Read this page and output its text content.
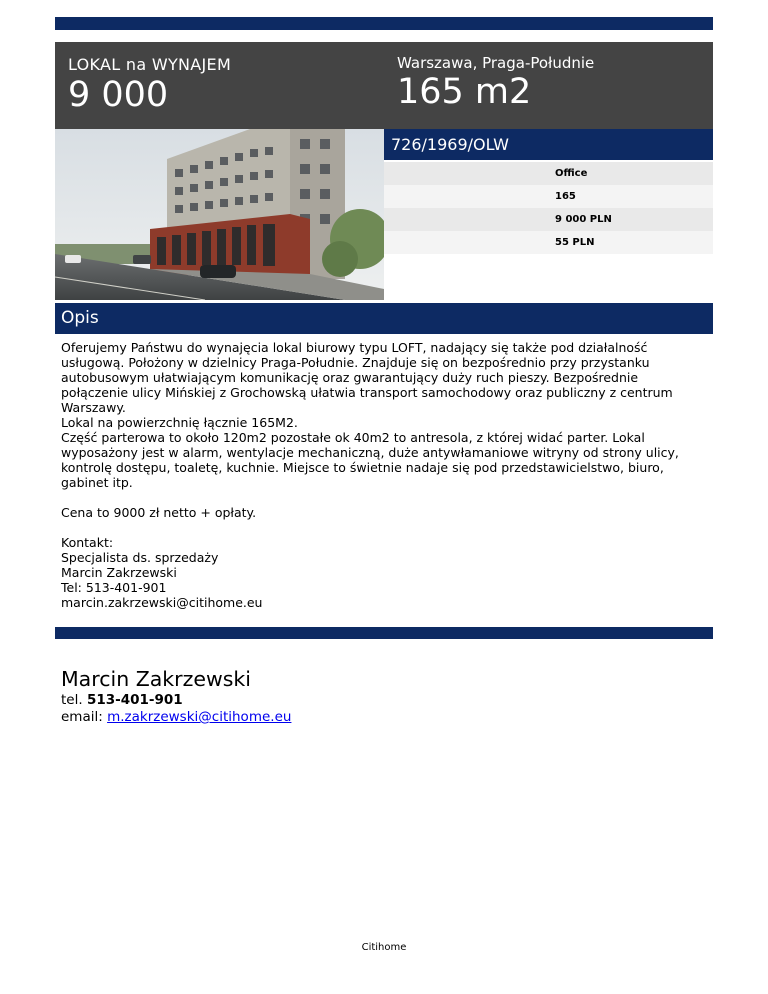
LOKAL na WYNAJEM
9 000
Warszawa, Praga-Południe
165 m2
726/1969/OLW
Office
165
9 000 PLN
55 PLN
Opis

Oferujemy Państwu do wynajęcia lokal biurowy typu LOFT, nadający się także pod działalność
usługową. Położony w dzielnicy Praga-Południe. Znajduje się on bezpośrednio przy przystanku
autobusowym ułatwiającym komunikację oraz gwarantujący duży ruch pieszy. Bezpośrednie
połączenie ulicy Mińskiej z Grochowską ułatwia transport samochodowy oraz publiczny z centrum
Warszawy.
Lokal na powierzchnię łącznie 165M2.
Część parterowa to około 120m2 pozostałe ok 40m2 to antresola, z której widać parter. Lokal
wyposażony jest w alarm, wentylacje mechaniczną, duże antywłamaniowe witryny od strony ulicy,
kontrolę dostępu, toaletę, kuchnie. Miejsce to świetnie nadaje się pod przedstawicielstwo, biuro,
gabinet itp.

Cena to 9000 zł netto + opłaty.

Kontakt:
Specjalista ds. sprzedaży
Marcin Zakrzewski
Tel: 513-401-901
marcin.zakrzewski@citihome.eu

Marcin Zakrzewski
tel. 513-401-901
email: m.zakrzewski@citihome.eu
Citihome
